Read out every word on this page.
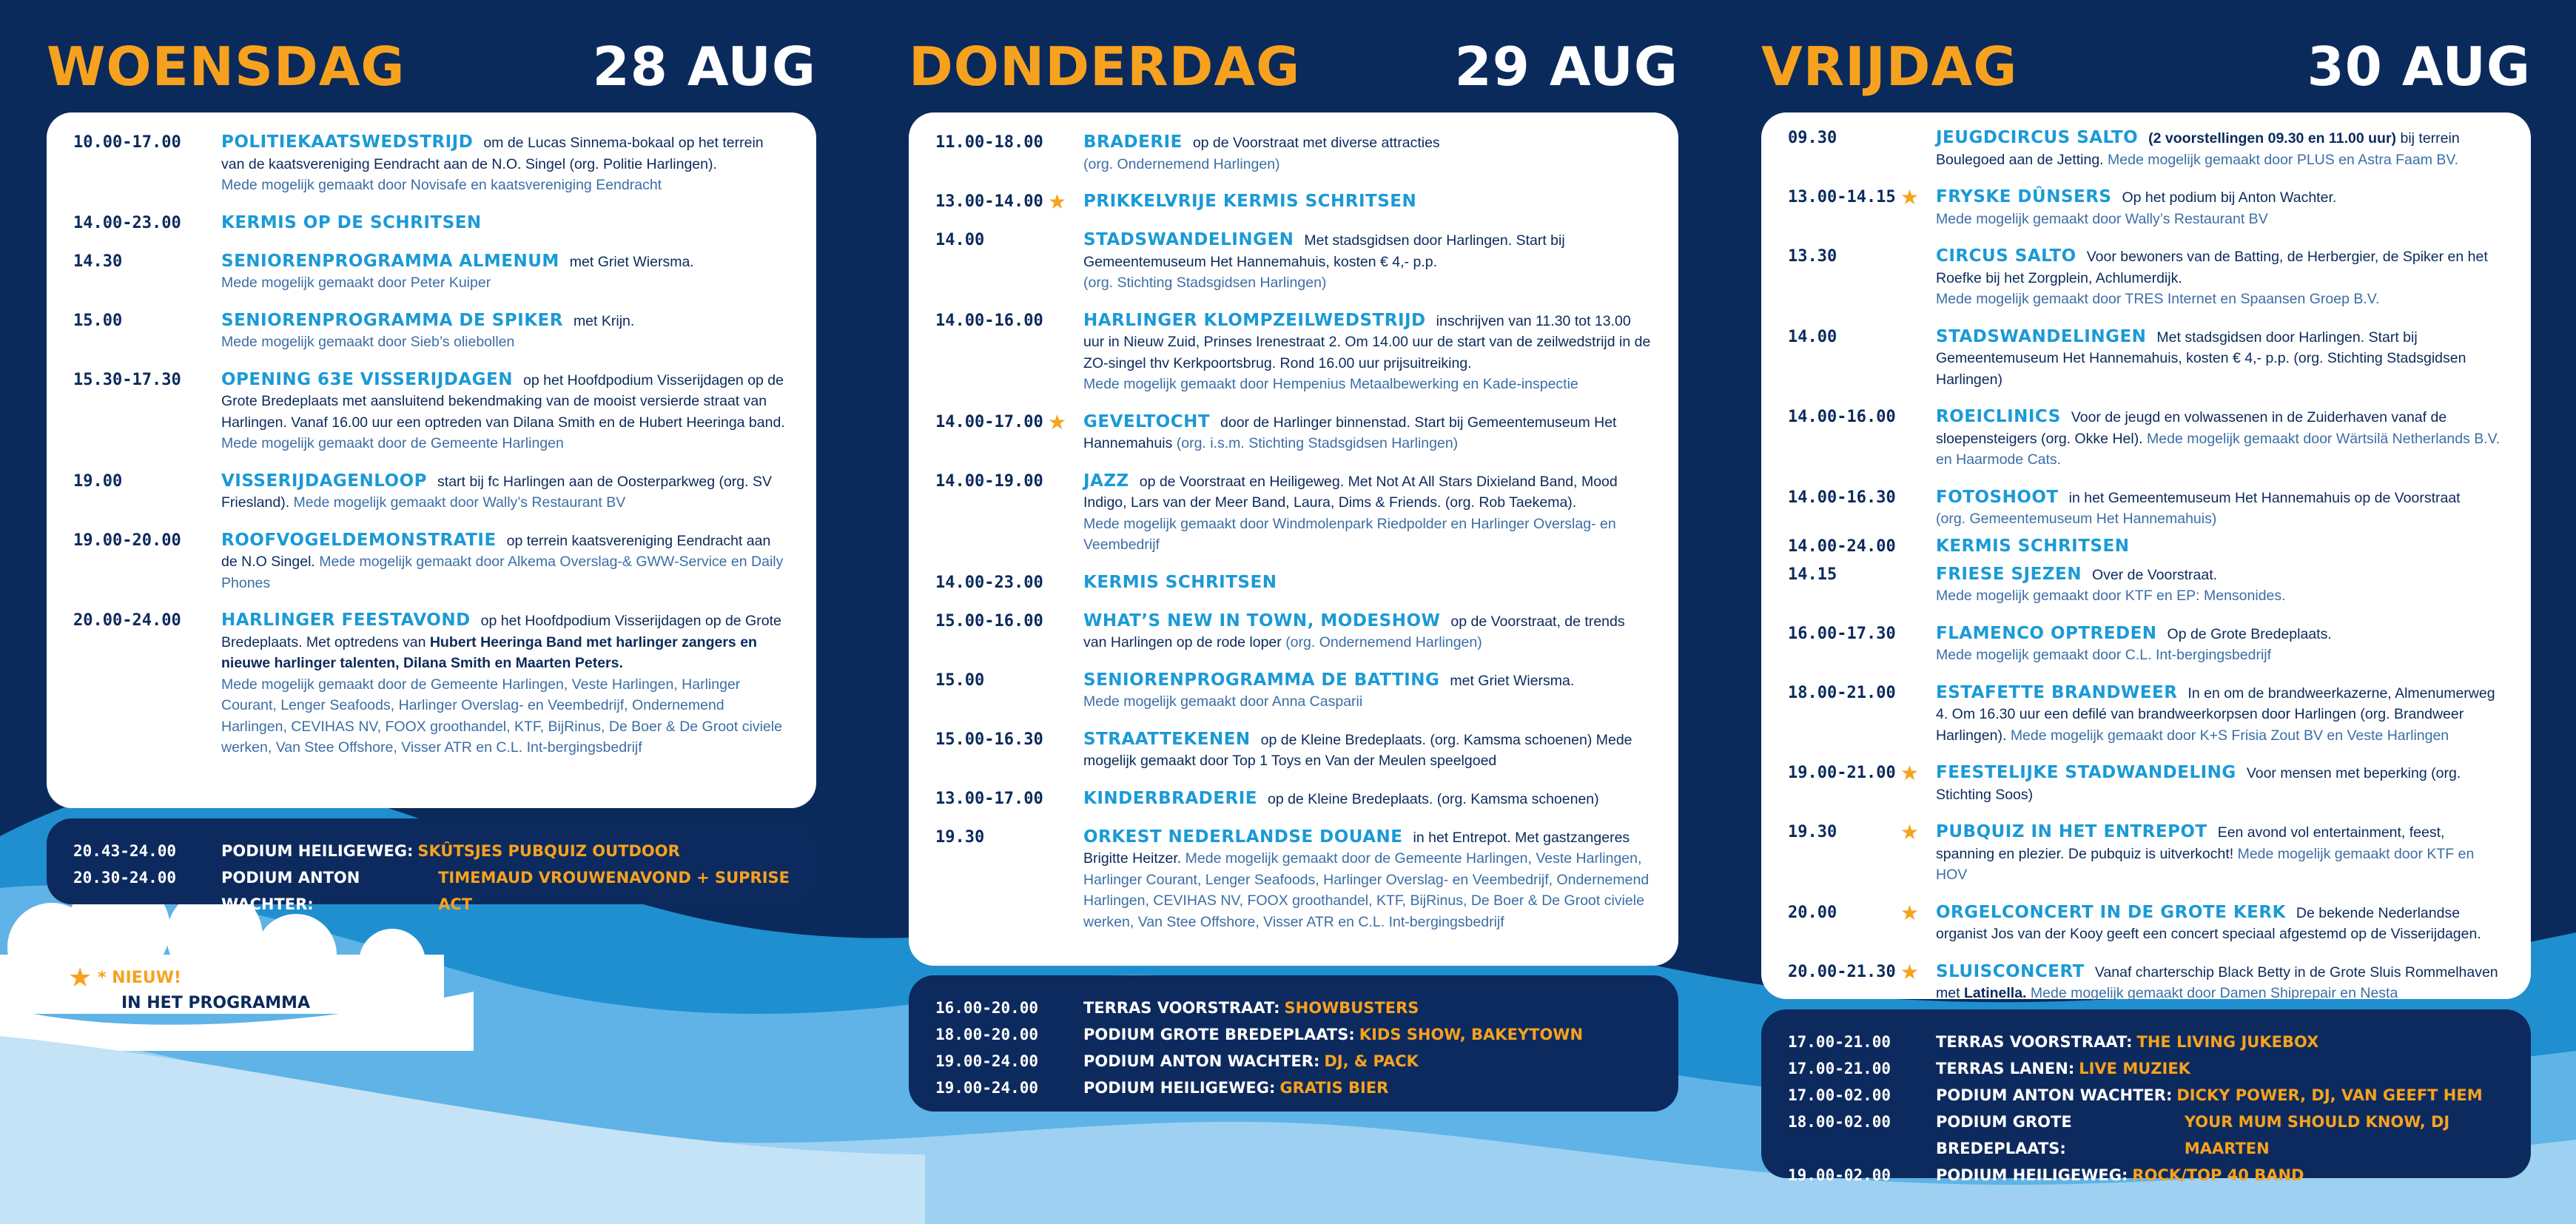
WOENSDAG	28 AUG
10.00-17.00 POLITIEKAATSWEDSTRIJD om de Lucas Sinnema-bokaal op het terrein van de kaatsvereniging Eendracht aan de N.O. Singel (org. Politie Harlingen).
Mede mogelijk gemaakt door Novisafe en kaatsvereniging Eendracht
14.00-23.00 KERMIS OP DE SCHRITSEN
14.30	SENIORENPROGRAMMA ALMENUM met Griet Wiersma.
Mede mogelijk gemaakt door Peter Kuiper
15.00	SENIORENPROGRAMMA DE SPIKER met Krijn.
Mede mogelijk gemaakt door Sieb’s oliebollen
15.30-17.30 OPENING 63E VISSERIJDAGEN op het Hoofdpodium Visserijdagen op de Grote Bredeplaats met aansluitend bekendmaking van de mooist versierde straat van Harlingen. Vanaf 16.00 uur een optreden van Dilana Smith en de Hubert Heeringa band. Mede mogelijk gemaakt door de Gemeente Harlingen
19.00	VISSERIJDAGENLOOP start bij fc Harlingen aan de Oosterparkweg (org. SV Friesland). Mede mogelijk gemaakt door Wally’s Restaurant BV
19.00-20.00 ROOFVOGELDEMONSTRATIE op terrein kaatsvereniging Eendracht aan de N.O Singel. Mede mogelijk gemaakt door Alkema Overslag-& GWW-Service en Daily Phones
20.00-24.00 HARLINGER FEESTAVOND op het Hoofdpodium Visserijdagen op de Grote Bredeplaats. Met optredens van Hubert Heeringa Band met harlinger zangers en nieuwe harlinger talenten, Dilana Smith en Maarten Peters.
Mede mogelijk gemaakt door de Gemeente Harlingen, Veste Harlingen, Harlinger Courant, Lenger Seafoods, Harlinger Overslag- en Veembedrijf, Ondernemend Harlingen, CEVIHAS NV, FOOX groothandel, KTF, BijRinus, De Boer & De Groot civiele werken, Van Stee Offshore, Visser ATR en C.L. Int-bergingsbedrijf
20.43-24.00	PODIUM HEILIGEWEG: SKÛTSJES PUBQUIZ OUTDOOR
20.30-24.00	PODIUM ANTON WACHTER:
TIMEMAUD VROUWENAVOND + SUPRISE ACT
DONDERDAG	29 AUG
11.00-18.00 BRADERIE op de Voorstraat met diverse attracties
(org. Ondernemend Harlingen)
13.00-14.00 ★ PRIKKELVRIJE KERMIS SCHRITSEN
14.00	STADSWANDELINGEN Met stadsgidsen door Harlingen. Start bij Gemeentemuseum Het Hannemahuis, kosten € 4,- p.p.
(org. Stichting Stadsgidsen Harlingen)
14.00-16.00 HARLINGER KLOMPZEILWEDSTRIJD inschrijven van 11.30 tot 13.00 uur in Nieuw Zuid, Prinses Irenestraat 2. Om 14.00 uur de start van de zeilwedstrijd in de ZO-singel thv Kerkpoortsbrug. Rond 16.00 uur prijsuitreiking.
Mede mogelijk gemaakt door Hempenius Metaalbewerking en Kade-inspectie
14.00-17.00 ★ GEVELTOCHT door de Harlinger binnenstad. Start bij Gemeentemuseum Het Hannemahuis (org. i.s.m. Stichting Stadsgidsen Harlingen)
14.00-19.00 JAZZ op de Voorstraat en Heiligeweg. Met Not At All Stars Dixieland Band, Mood Indigo, Lars van der Meer Band, Laura, Dims & Friends. (org. Rob Taekema).
Mede mogelijk gemaakt door Windmolenpark Riedpolder en Harlinger Overslag- en Veembedrijf
14.00-23.00 KERMIS SCHRITSEN
15.00-16.00 WHAT’S NEW IN TOWN, MODESHOW op de Voorstraat, de trends van Harlingen op de rode loper (org. Ondernemend Harlingen)
15.00	SENIORENPROGRAMMA DE BATTING met Griet Wiersma.
Mede mogelijk gemaakt door Anna Casparii
15.00-16.30 STRAATTEKENEN op de Kleine Bredeplaats. (org. Kamsma schoenen) Mede mogelijk gemaakt door Top 1 Toys en Van der Meulen speelgoed
13.00-17.00 KINDERBRADERIE op de Kleine Bredeplaats. (org. Kamsma schoenen)
19.30	ORKEST NEDERLANDSE DOUANE in het Entrepot. Met gastzangeres Brigitte Heitzer. Mede mogelijk gemaakt door de Gemeente Harlingen, Veste Harlingen, Harlinger Courant, Lenger Seafoods, Harlinger Overslag- en Veembedrijf, Ondernemend Harlingen, CEVIHAS NV, FOOX groothandel, KTF, BijRinus, De Boer & De Groot civiele werken, Van Stee Offshore, Visser ATR en C.L. Int-bergingsbedrijf
16.00-20.00	TERRAS VOORSTRAAT: SHOWBUSTERS
18.00-20.00	PODIUM GROTE BREDEPLAATS: KIDS SHOW, BAKEYTOWN
19.00-24.00	PODIUM ANTON WACHTER: DJ, & PACK
19.00-24.00	PODIUM HEILIGEWEG: GRATIS BIER
VRIJDAG	30 AUG
09.30	JEUGDCIRCUS SALTO (2 voorstellingen 09.30 en 11.00 uur) bij terrein Boulegoed aan de Jetting. Mede mogelijk gemaakt door PLUS en Astra Faam BV.
13.00-14.15 ★ FRYSKE DÛNSERS Op het podium bij Anton Wachter.
Mede mogelijk gemaakt door Wally’s Restaurant BV
13.30	CIRCUS SALTO Voor bewoners van de Batting, de Herbergier, de Spiker en het Roefke bij het Zorgplein, Achlumerdijk.
Mede mogelijk gemaakt door TRES Internet en Spaansen Groep B.V.
14.00	STADSWANDELINGEN Met stadsgidsen door Harlingen. Start bij Gemeentemuseum Het Hannemahuis, kosten € 4,- p.p. (org. Stichting Stadsgidsen Harlingen)
14.00-16.00 ROEICLINICS Voor de jeugd en volwassenen in de Zuiderhaven vanaf de sloepensteigers (org. Okke Hel). Mede mogelijk gemaakt door Wärtsilä Netherlands B.V. en Haarmode Cats.
14.00-16.30 FOTOSHOOT in het Gemeentemuseum Het Hannemahuis op de Voorstraat
(org. Gemeentemuseum Het Hannemahuis)
14.00-24.00 KERMIS SCHRITSEN
14.15	FRIESE SJEZEN Over de Voorstraat.
Mede mogelijk gemaakt door KTF en EP: Mensonides.
16.00-17.30 FLAMENCO OPTREDEN Op de Grote Bredeplaats.
Mede mogelijk gemaakt door C.L. Int-bergingsbedrijf
18.00-21.00 ESTAFETTE BRANDWEER In en om de brandweerkazerne, Almenumerweg 4. Om 16.30 uur een defilé van brandweerkorpsen door Harlingen (org. Brandweer Harlingen). Mede mogelijk gemaakt door K+S Frisia Zout BV en Veste Harlingen
19.00-21.00 ★ FEESTELIJKE STADWANDELING Voor mensen met beperking (org. Stichting Soos)
19.30	★ PUBQUIZ IN HET ENTREPOT Een avond vol entertainment, feest, spanning en plezier. De pubquiz is uitverkocht! Mede mogelijk gemaakt door KTF en HOV
20.00	★ ORGELCONCERT IN DE GROTE KERK De bekende Nederlandse organist Jos van der Kooy geeft een concert speciaal afgestemd op de Visserijdagen.
20.00-21.30 ★ SLUISCONCERT Vanaf charterschip Black Betty in de Grote Sluis Rommelhaven met Latinella. Mede mogelijk gemaakt door Damen Shiprepair en Nesta
17.00-21.00	TERRAS VOORSTRAAT: THE LIVING JUKEBOX
17.00-21.00	TERRAS LANEN: LIVE MUZIEK
17.00-02.00	PODIUM ANTON WACHTER: DICKY POWER, DJ, VAN GEEFT HEM
18.00-02.00	PODIUM GROTE BREDEPLAATS:
YOUR MUM SHOULD KNOW, DJ MAARTEN
19.00-02.00	PODIUM HEILIGEWEG: ROCK/TOP 40 BAND
★ * NIEUW!
IN HET PROGRAMMA
